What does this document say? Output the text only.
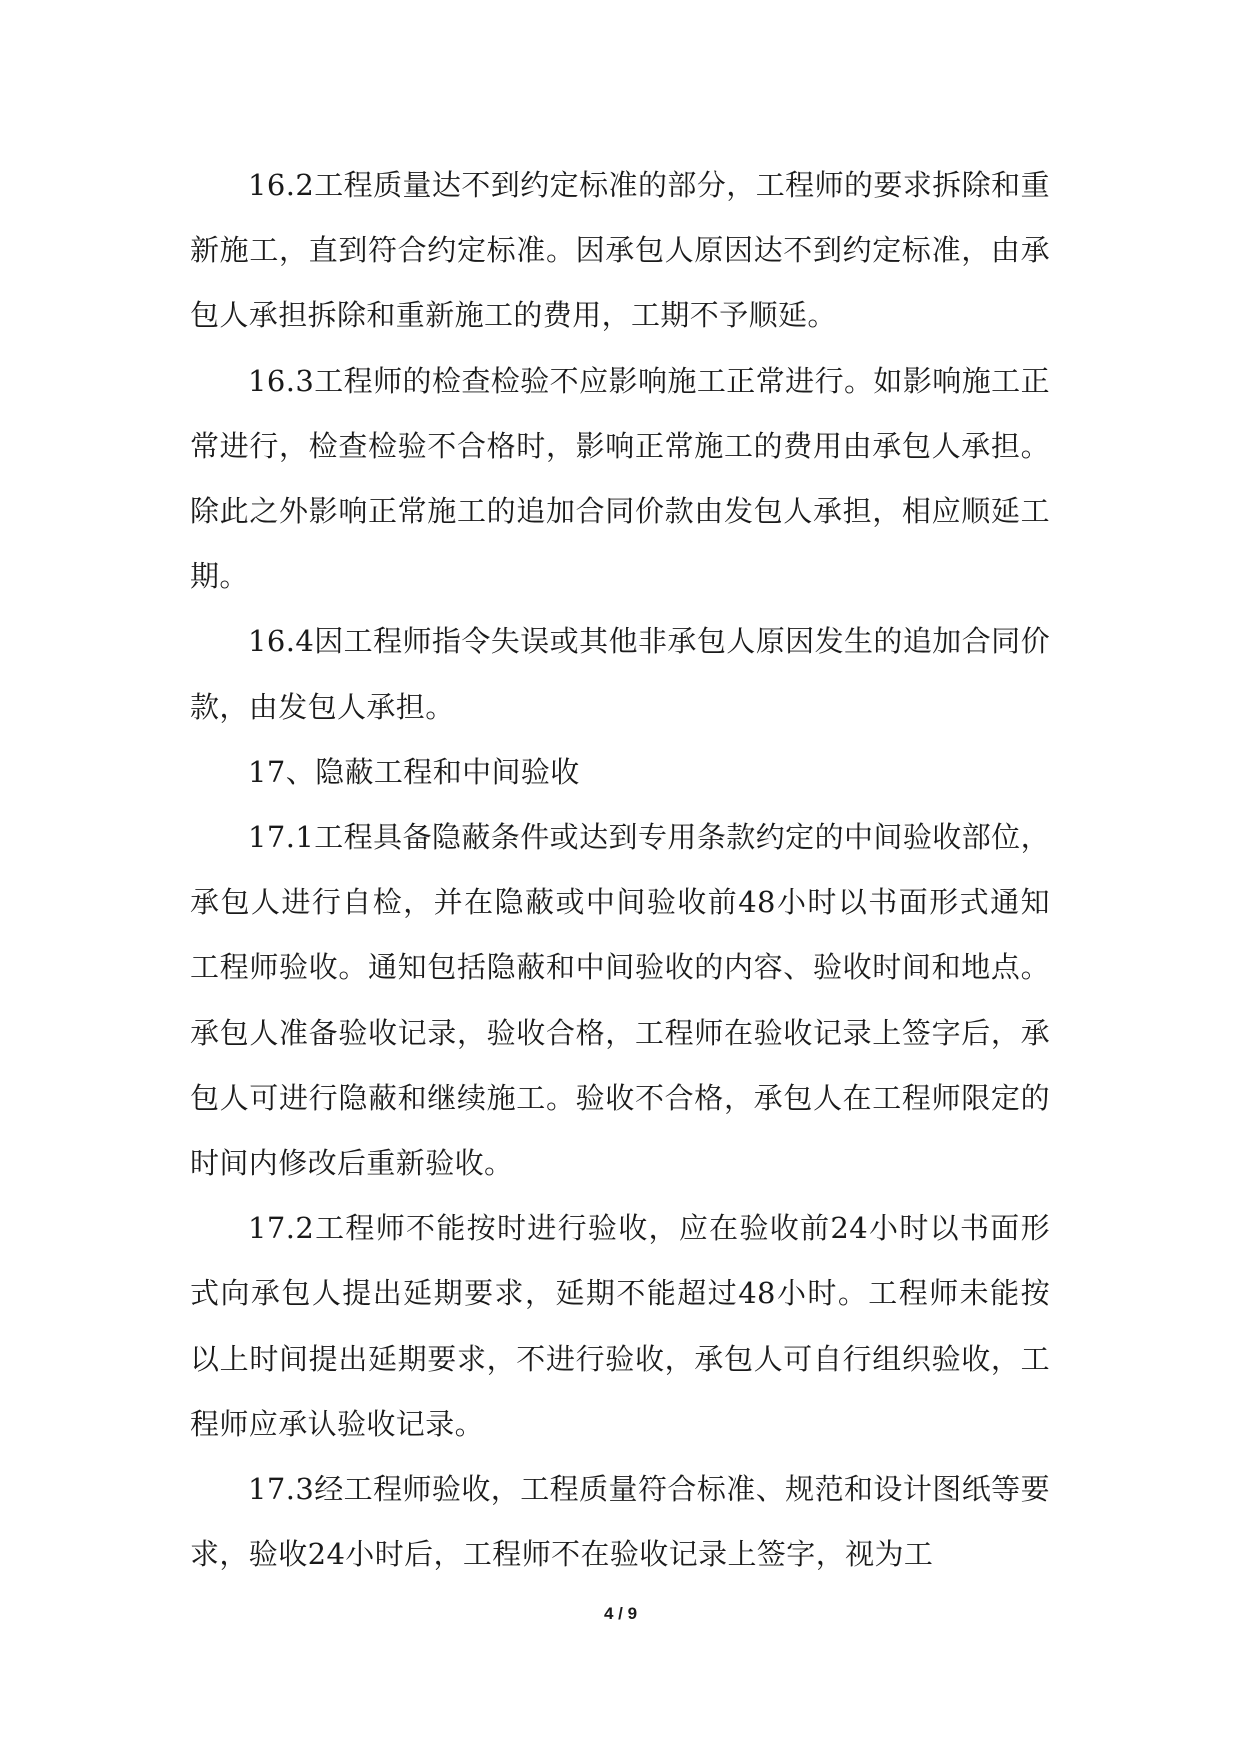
16.2工程质量达不到约定标准的部分，工程师的要求拆除和重新施工，直到符合约定标准。因承包人原因达不到约定标准，由承包人承担拆除和重新施工的费用，工期不予顺延。

16.3工程师的检查检验不应影响施工正常进行。如影响施工正常进行，检查检验不合格时，影响正常施工的费用由承包人承担。除此之外影响正常施工的追加合同价款由发包人承担，相应顺延工期。

16.4因工程师指令失误或其他非承包人原因发生的追加合同价款，由发包人承担。

17、隐蔽工程和中间验收

17.1工程具备隐蔽条件或达到专用条款约定的中间验收部位，承包人进行自检，并在隐蔽或中间验收前48小时以书面形式通知工程师验收。通知包括隐蔽和中间验收的内容、验收时间和地点。承包人准备验收记录，验收合格，工程师在验收记录上签字后，承包人可进行隐蔽和继续施工。验收不合格，承包人在工程师限定的时间内修改后重新验收。

17.2工程师不能按时进行验收，应在验收前24小时以书面形式向承包人提出延期要求，延期不能超过48小时。工程师未能按以上时间提出延期要求，不进行验收，承包人可自行组织验收，工程师应承认验收记录。

17.3经工程师验收，工程质量符合标准、规范和设计图纸等要求，验收24小时后，工程师不在验收记录上签字，视为工

4 / 9
